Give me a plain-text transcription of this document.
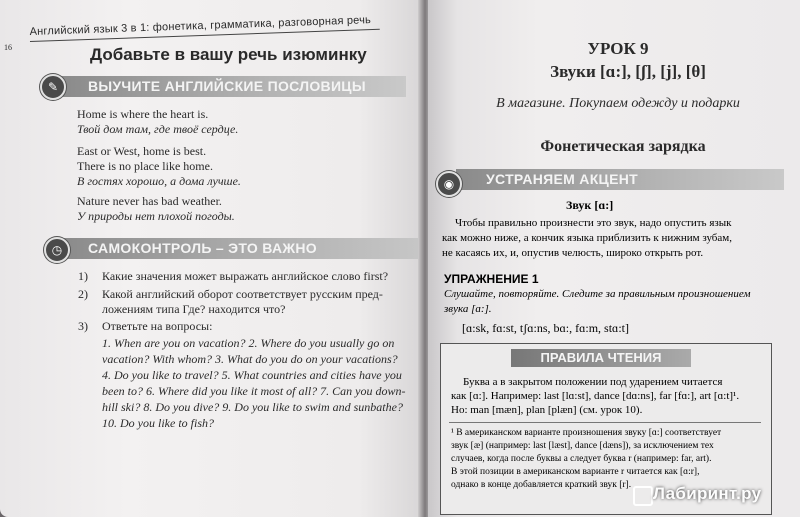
Английский язык 3 в 1: фонетика, грамматика, разговорная речь
16	Добавьте в вашу речь изюминку
ВЫУЧИТЕ АНГЛИЙСКИЕ ПОСЛОВИЦЫ
✎
Home is where the heart is.
Твой дом там, где твоё сердце.
East or West, home is best.
There is no place like home.
В гостях хорошо, а дома лучше.
Nature never has bad weather.
У природы нет плохой погоды.
САМОКОНТРОЛЬ – ЭТО ВАЖНО
◷
1) Какие значения может выражать английское слово first?
2) Какой английский оборот соответствует русским пред-
ложениям типа Где? находится что?
3) Ответьте на вопросы:
1. When are you on vacation? 2. Where do you usually go on
vacation? With whom? 3. What do you do on your vacations?
4. Do you like to travel? 5. What countries and cities have you
been to? 6. Where did you like it most of all? 7. Can you down-
hill ski? 8. Do you dive? 9. Do you like to swim and sunbathe?
10. Do you like to fish?
УРОК 9
Звуки [ɑ:], [ʃ], [j], [θ]
В магазине. Покупаем одежду и подарки
Фонетическая зарядка
УСТРАНЯЕМ АКЦЕНТ
◉
Звук [ɑ:]
Чтобы правильно произнести это звук, надо опустить язык
как можно ниже, а кончик языка приблизить к нижним зубам,
не касаясь их, и, опустив челюсть, широко открыть рот.
УПРАЖНЕНИЕ 1
Слушайте, повторяйте. Следите за правильным произношением
звука [ɑ:].
[ɑ:sk, fɑ:st, tʃɑ:ns, bɑ:, fɑ:m, stɑ:t]
ПРАВИЛА ЧТЕНИЯ
Буква a в закрытом положении под ударением читается
как [ɑ:]. Например: last [lɑ:st], dance [dɑ:ns], far [fɑ:], art [ɑ:t]¹.
Но: man [mæn], plan [plæn] (см. урок 10).
¹ В американском варианте произношения звуку [ɑ:] соответствует
звук [æ] (например: last [læst], dance [dæns]), за исключением тех
случаев, когда после буквы a следует буква r (например: far, art).
В этой позиции в американском варианте r читается как [ɑ:r],
однако в конце добавляется краткий звук [r]. Лабиринт.ру
